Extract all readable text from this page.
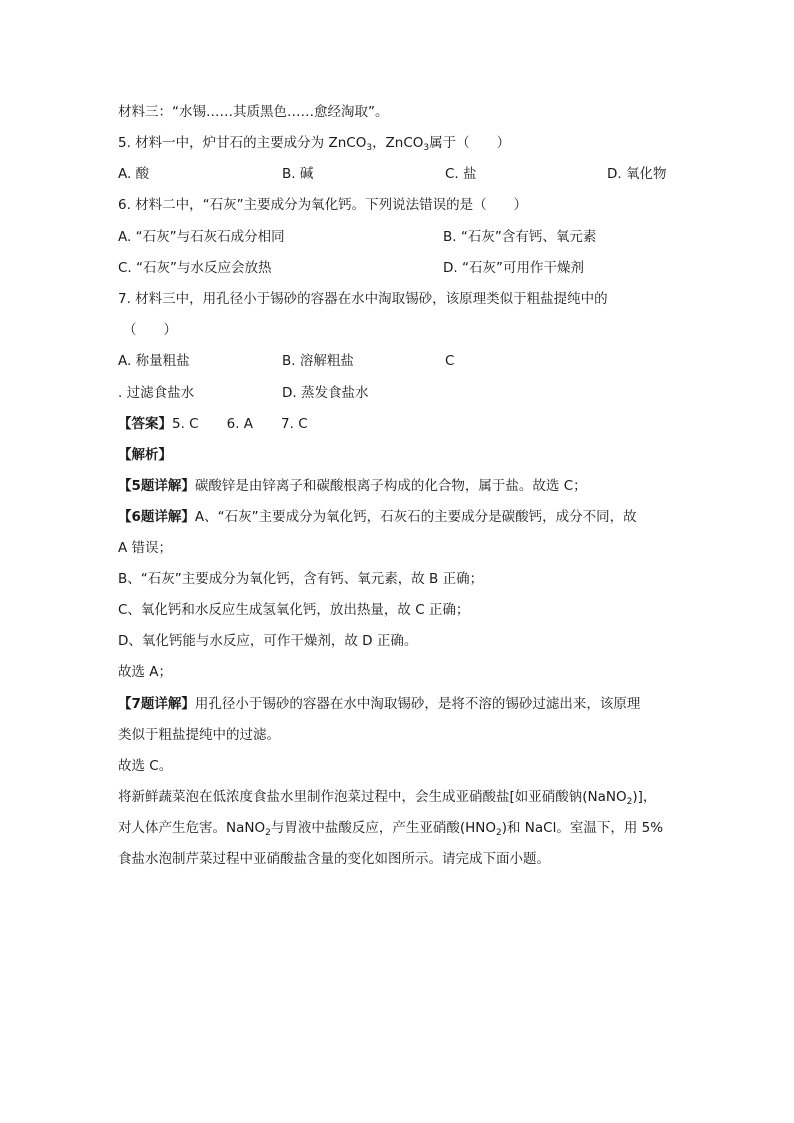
材料三：“水锡……其质黑色……愈经淘取”。
5. 材料一中，炉甘石的主要成分为 ZnCO$_3$，ZnCO$_3$属于（　　）
A. 酸	B. 碱	C. 盐	D. 氧化物
6. 材料二中，“石灰”主要成分为氧化钙。下列说法错误的是（　　）
A. “石灰”与石灰石成分相同	B. “石灰”含有钙、氧元素
C. “石灰”与水反应会放热	D. “石灰”可用作干燥剂
7. 材料三中，用孔径小于锡砂的容器在水中淘取锡砂，该原理类似于粗盐提纯中的
（　　）
A. 称量粗盐	B. 溶解粗盐	C
. 过滤食盐水	D. 蒸发食盐水
【答案】5. C 6. A 7. C
【解析】
【5题详解】碳酸锌是由锌离子和碳酸根离子构成的化合物，属于盐。故选 C；
【6题详解】A、“石灰”主要成分为氧化钙，石灰石的主要成分是碳酸钙，成分不同，故
A 错误；
B、“石灰”主要成分为氧化钙，含有钙、氧元素，故 B 正确；
C、氧化钙和水反应生成氢氧化钙，放出热量，故 C 正确；
D、氧化钙能与水反应，可作干燥剂，故 D 正确。
故选 A；
【7题详解】用孔径小于锡砂的容器在水中淘取锡砂，是将不溶的锡砂过滤出来，该原理
类似于粗盐提纯中的过滤。
故选 C。
将新鲜蔬菜泡在低浓度食盐水里制作泡菜过程中，会生成亚硝酸盐[如亚硝酸钠(NaNO$_2$)]，
对人体产生危害。NaNO$_2$与胃液中盐酸反应，产生亚硝酸$(HNO_2)$和 NaCl。室温下，用 5%
食盐水泡制芹菜过程中亚硝酸盐含量的变化如图所示。请完成下面小题。
